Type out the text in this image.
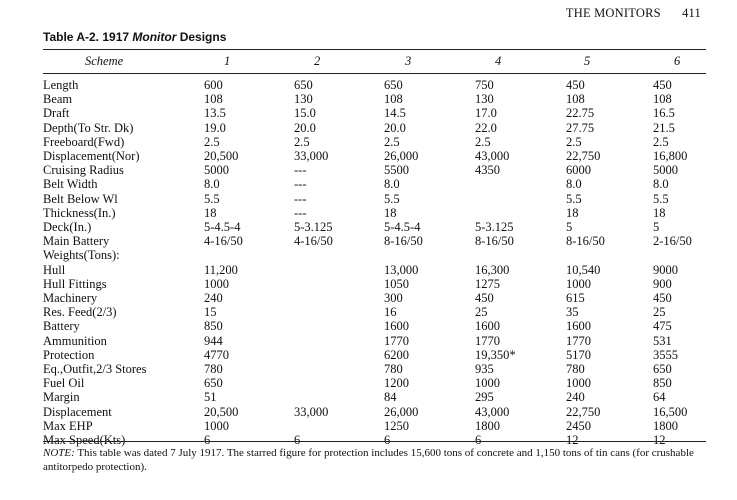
THE MONITORS 411
Table A-2. 1917 Monitor Designs
Scheme	1	2	3	4	5	6
Length	600	650	650	750	450	450
Beam	108	130	108	130	108	108
Draft	13.5	15.0	14.5	17.0	22.75	16.5
Depth(To Str. Dk)	19.0	20.0	20.0	22.0	27.75	21.5
Freeboard(Fwd)	2.5	2.5	2.5	2.5	2.5	2.5
Displacement(Nor)	20,500	33,000	26,000	43,000	22,750	16,800
Cruising Radius	5000	---	5500	4350	6000	5000
Belt Width	8.0	---	8.0		8.0	8.0
Belt Below Wl	5.5	---	5.5		5.5	5.5
Thickness(In.)	18	---	18		18	18
Deck(In.)	5-4.5-4	5-3.125	5-4.5-4	5-3.125	5	5
Main Battery	4-16/50	4-16/50	8-16/50	8-16/50	8-16/50	2-16/50
Weights(Tons):						
Hull	11,200		13,000	16,300	10,540	9000
Hull Fittings	1000		1050	1275	1000	900
Machinery	240		300	450	615	450
Res. Feed(2/3)	15		16	25	35	25
Battery	850		1600	1600	1600	475
Ammunition	944		1770	1770	1770	531
Protection	4770		6200	19,350*	5170	3555
Eq.,Outfit,2/3 Stores	780		780	935	780	650
Fuel Oil	650		1200	1000	1000	850
Margin	51		84	295	240	64
Displacement	20,500	33,000	26,000	43,000	22,750	16,500
Max EHP	1000		1250	1800	2450	1800
Max Speed(Kts)	6	6	6	6	12	12
NOTE: This table was dated 7 July 1917. The starred figure for protection includes 15,600 tons of concrete and 1,150 tons of tin cans (for crushable antitorpedo protection).
